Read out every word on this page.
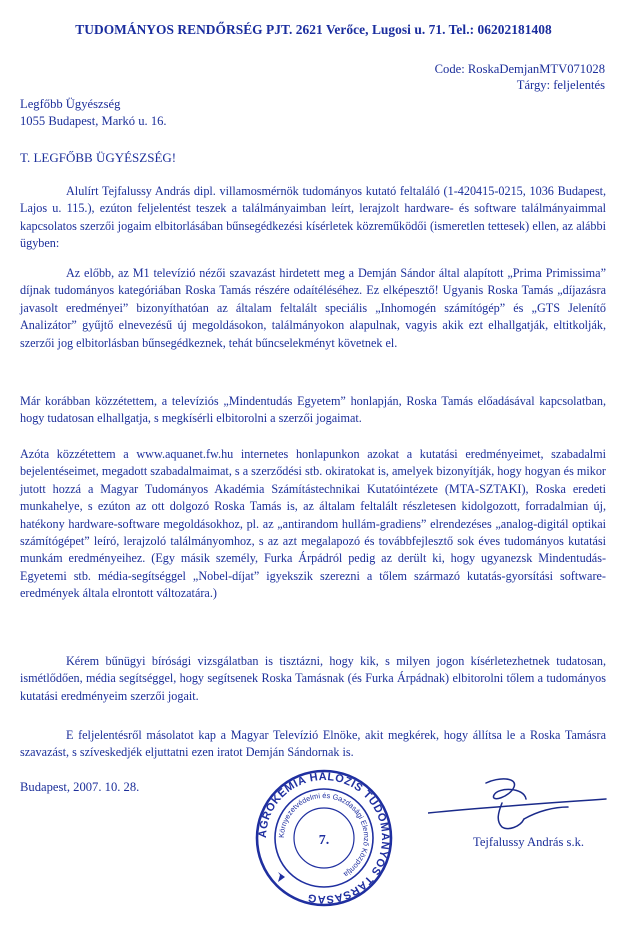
TUDOMÁNYOS RENDŐRSÉG PJT. 2621 Verőce, Lugosi u. 71. Tel.: 06202181408
Code: RoskaDemjanMTV071028
Tárgy: feljelentés
Legfőbb Ügyészség
1055 Budapest, Markó u. 16.
T. LEGFŐBB ÜGYÉSZSÉG!

Alulírt Tejfalussy András dipl. villamosmérnök tudományos kutató feltaláló (1-420415-0215, 1036 Budapest, Lajos u. 115.), ezúton feljelentést teszek a találmányaimban leírt, lerajzolt hardware- és software találmányaimmal kapcsolatos szerzői jogaim elbitorlásában bűnsegédkezési kísérletek közreműködői (ismeretlen tettesek) ellen, az alábbi ügyben:

Az előbb, az M1 televízió nézői szavazást hirdetett meg a Demján Sándor által alapított „Prima Primissima” díjnak tudományos kategóriában Roska Tamás részére odaítéléséhez. Ez elképesztő! Ugyanis Roska Tamás „díjazásra javasolt eredményei” bizonyíthatóan az általam feltalált speciális „Inhomogén számítógép” és „GTS Jelenítő Analizátor” gyűjtő elnevezésű új megoldásokon, találmányokon alapulnak, vagyis akik ezt elhallgatják, eltitkolják, szerzői jog elbitorlásban bűnsegédkeznek, tehát bűncselekményt követnek el.

Már korábban közzétettem, a televíziós „Mindentudás Egyetem” honlapján, Roska Tamás előadásával kapcsolatban, hogy tudatosan elhallgatja, s megkísérli elbitorolni a szerzői jogaimat.

Azóta közzétettem a www.aquanet.fw.hu internetes honlapunkon azokat a kutatási eredményeimet, szabadalmi bejelentéseimet, megadott szabadalmaimat, s a szerződési stb. okiratokat is, amelyek bizonyítják, hogy hogyan és mikor jutott hozzá a Magyar Tudományos Akadémia Számítástechnikai Kutatóintézete (MTA-SZTAKI), Roska eredeti munkahelye, s ezúton az ott dolgozó Roska Tamás is, az általam feltalált részletesen kidolgozott, forradalmian új, hatékony hardware-software megoldásokhoz, pl. az „antirandom hullám-gradiens” elrendezéses „analog-digitál optikai számítógépet” leíró, lerajzoló találmányomhoz, s az azt megalapozó és továbbfejlesztő sok éves tudományos kutatási munkám eredményeihez. (Egy másik személy, Furka Árpádról pedig az derült ki, hogy ugyanezsk Mindentudás-Egyetemi stb. média-segítséggel „Nobel-díjat” igyekszik szerezni a tőlem származó kutatás-gyorsítási software-eredmények általa elrontott változatára.)

Kérem bűnügyi bírósági vizsgálatban is tisztázni, hogy kik, s milyen jogon kísérletezhetnek tudatosan, ismétlődően, média segítséggel, hogy segítsenek Roska Tamásnak (és Furka Árpádnak) elbitorolni tőlem a tudományos kutatási eredményeim szerzői jogait.

E feljelentésről másolatot kap a Magyar Televízió Elnöke, akit megkérek, hogy állítsa le a Roska Tamásra szavazást, s szíveskedjék eljuttatni ezen iratot Demján Sándornak is.

Budapest, 2007. 10. 28.
ÁGROKEMIA HALÓZIS TUDOMÁNYOS TÁRSASÁG
Környezetvédelmi és Gazdasági Elemző Központja
7.	Tejfalussy András s.k.
